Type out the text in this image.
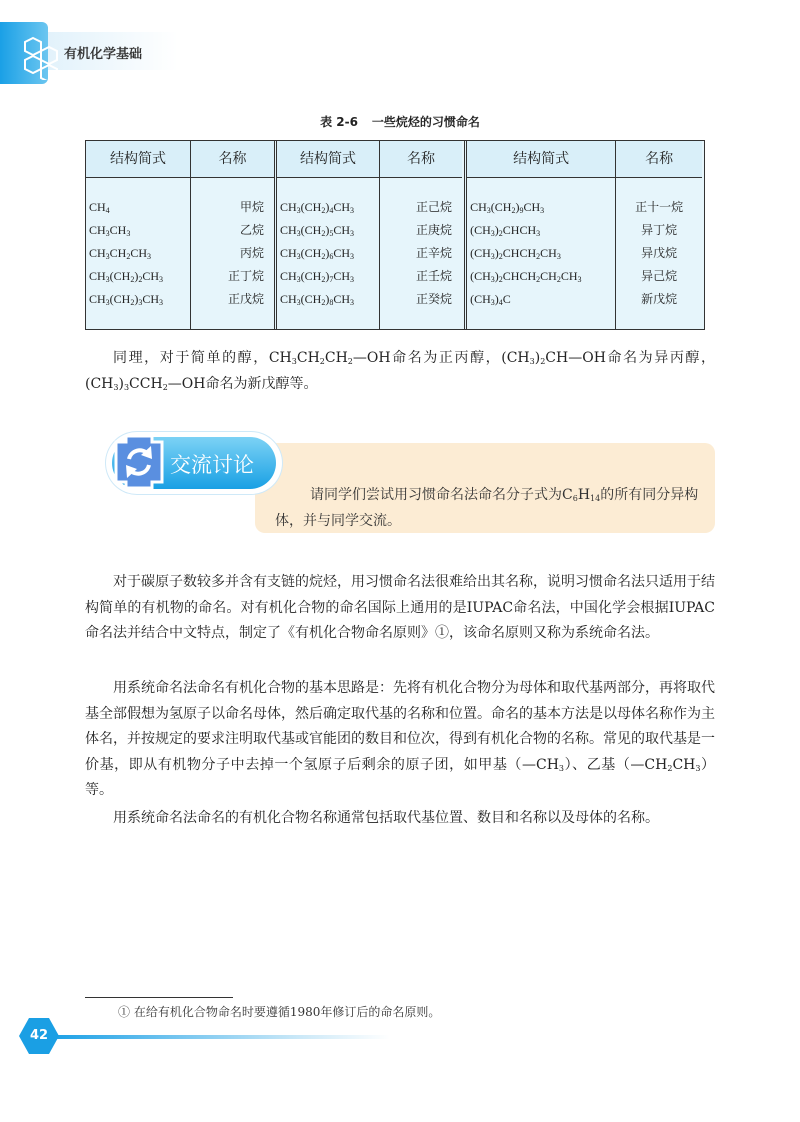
有机化学基础
表 2-6 一些烷烃的习惯命名
结构简式
$CH_4$
$CH_3CH_3$
$CH_3CH_2CH_3$
$CH_3(CH_2)_2CH_3$
$CH_3(CH_2)_3CH_3$
名称
甲烷
乙烷
丙烷
正丁烷
正戊烷
结构简式
$CH_3(CH_2)_4CH_3$
$CH_3(CH_2)_5CH_3$
$CH_3(CH_2)_6CH_3$
$CH_3(CH_2)_7CH_3$
$CH_3(CH_2)_8CH_3$
名称
正己烷
正庚烷
正辛烷
正壬烷
正癸烷
结构简式
$CH_3(CH_2)_9CH_3$
$(CH_3)_2CHCH_3$
$(CH_3)_2CHCH_2CH_3$
$(CH_3)_2CHCH_2CH_2CH_3$
$(CH_3)_4C$
名称
正十一烷
异丁烷
异戊烷
异己烷
新戊烷

同理，对于简单的醇，$CH_3CH_2CH_2—OH$命名为正丙醇，$(CH_3)_2CH—OH$命名为异丙醇，$(CH_3)_3CCH_2—OH$命名为新戊醇等。

交流讨论

请同学们尝试用习惯命名法命名分子式为$C_6H_{14}$的所有同分异构体，并与同学交流。

对于碳原子数较多并含有支链的烷烃，用习惯命名法很难给出其名称，说明习惯命名法只适用于结构简单的有机物的命名。对有机化合物的命名国际上通用的是IUPAC命名法，中国化学会根据IUPAC命名法并结合中文特点，制定了《有机化合物命名原则》①，该命名原则又称为系统命名法。

用系统命名法命名有机化合物的基本思路是：先将有机化合物分为母体和取代基两部分，再将取代基全部假想为氢原子以命名母体，然后确定取代基的名称和位置。命名的基本方法是以母体名称作为主体名，并按规定的要求注明取代基或官能团的数目和位次，得到有机化合物的名称。常见的取代基是一价基，即从有机物分子中去掉一个氢原子后剩余的原子团，如甲基$(—CH_3)$、乙基$(—CH_2CH_3)$等。

用系统命名法命名的有机化合物名称通常包括取代基位置、数目和名称以及母体的名称。

① 在给有机化合物命名时要遵循1980年修订后的命名原则。
42
